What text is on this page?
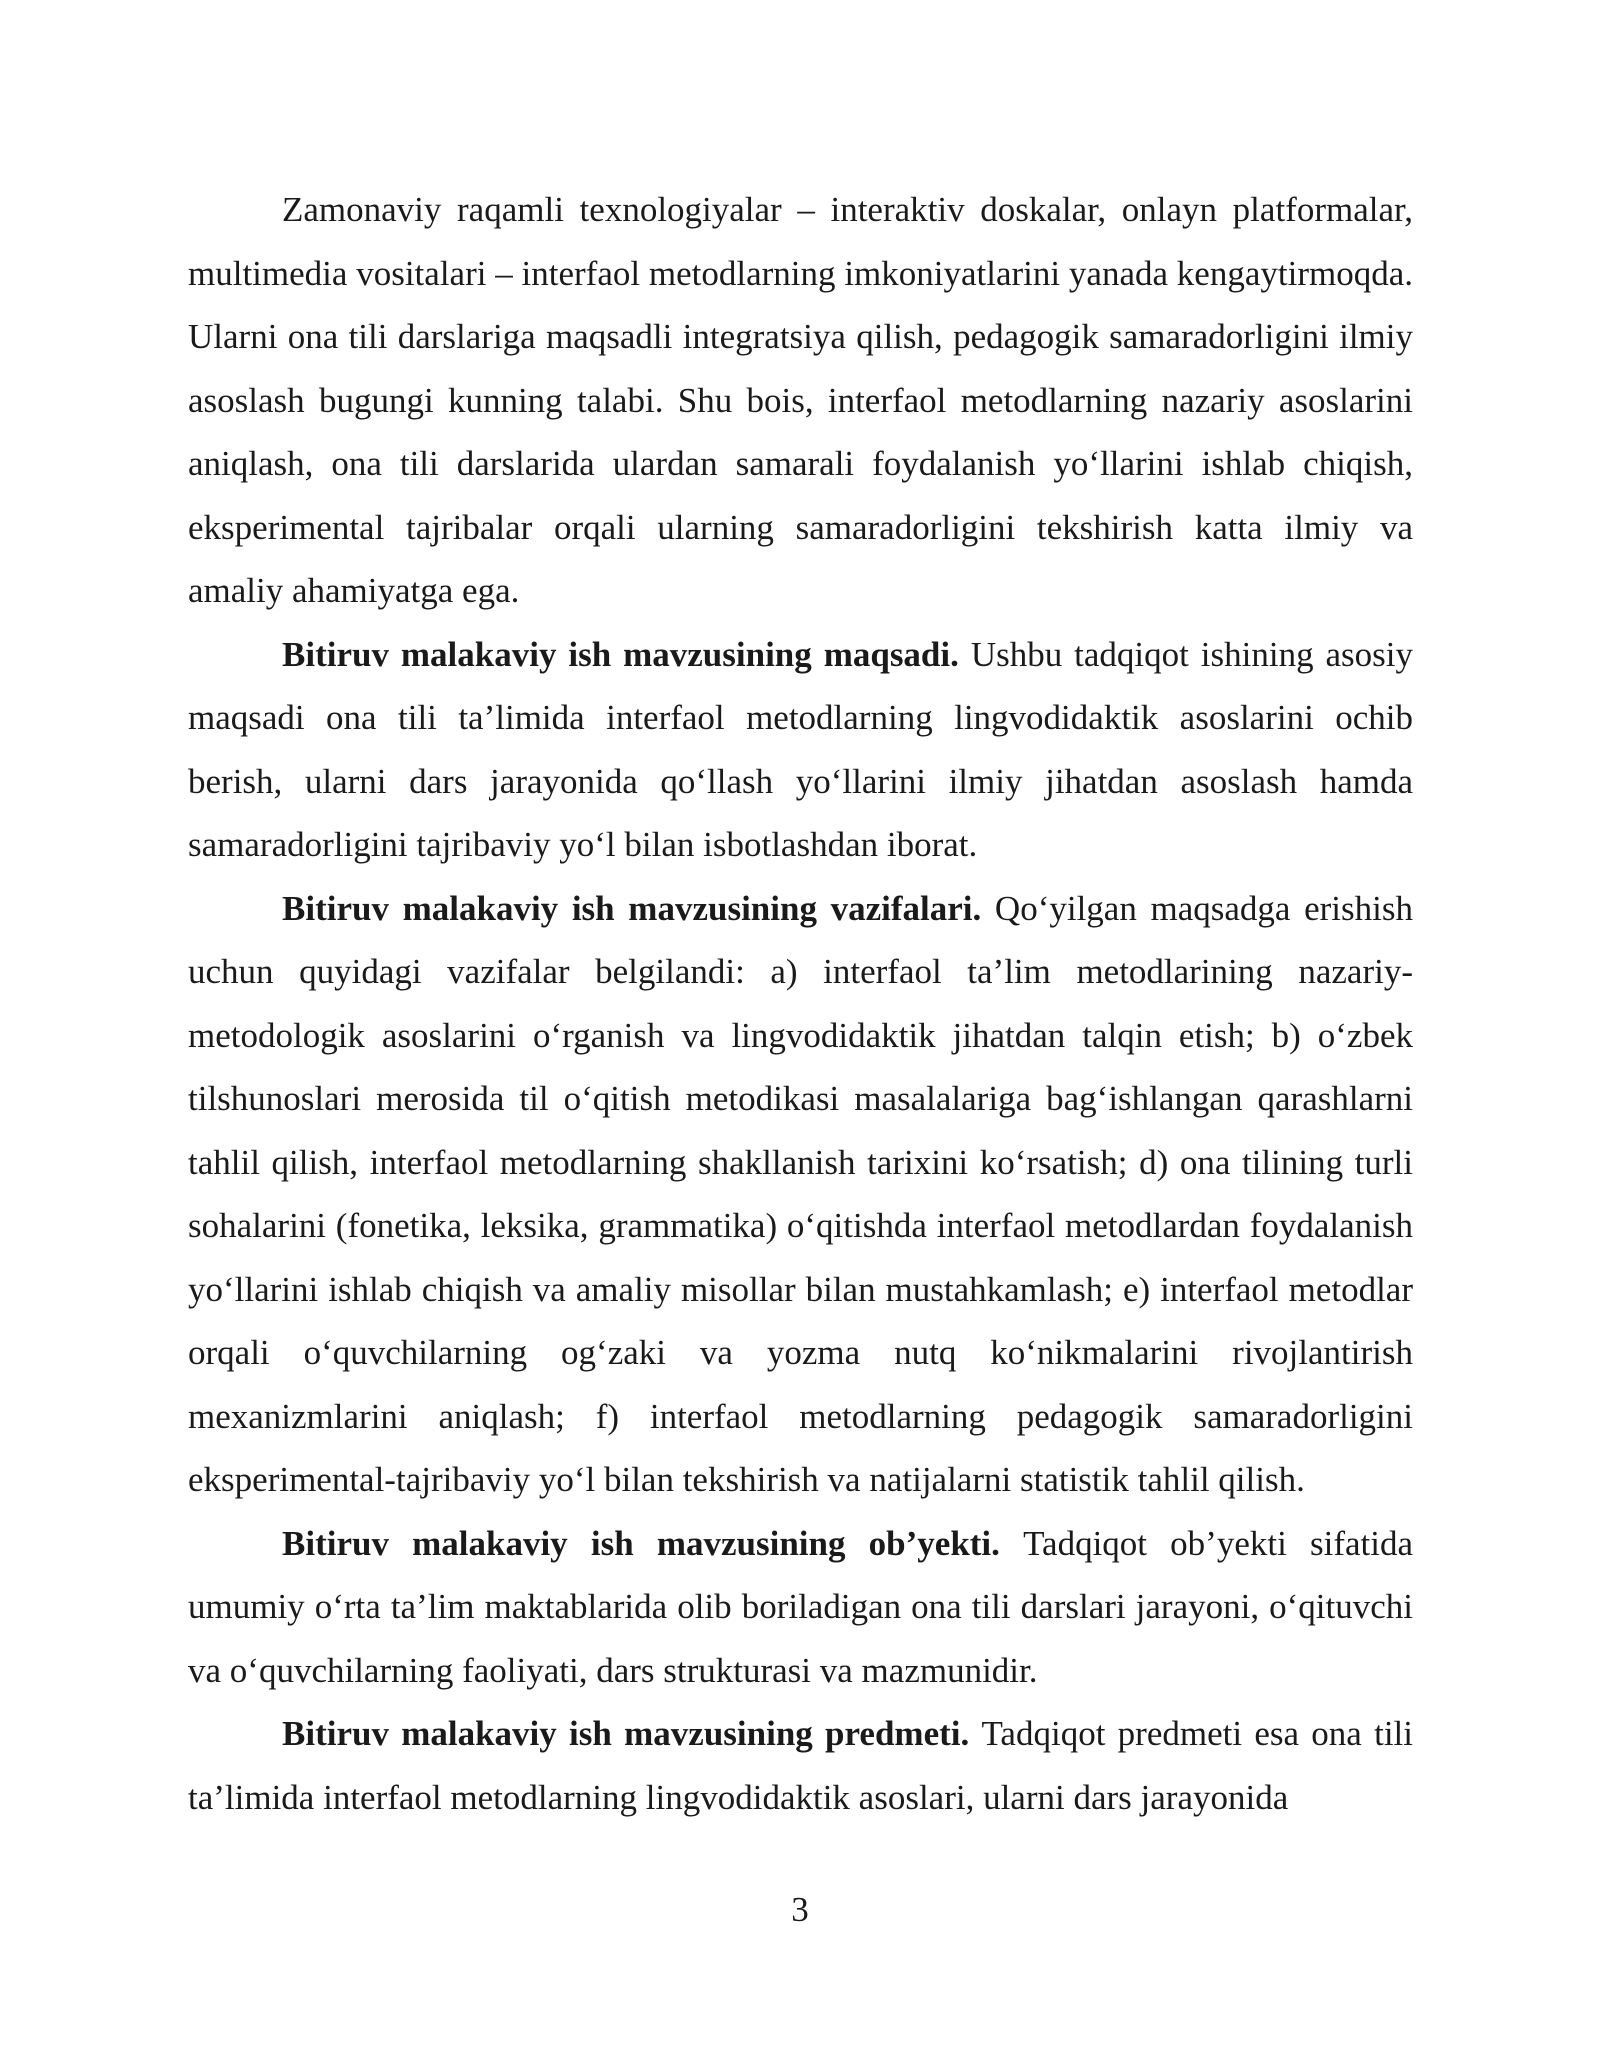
Zamonaviy raqamli texnologiyalar – interaktiv doskalar, onlayn platformalar, multimedia vositalari – interfaol metodlarning imkoniyatlarini yanada kengaytirmoqda. Ularni ona tili darslariga maqsadli integratsiya qilish, pedagogik samaradorligini ilmiy asoslash bugungi kunning talabi. Shu bois, interfaol metodlarning nazariy asoslarini aniqlash, ona tili darslarida ulardan samarali foydalanish yo‘llarini ishlab chiqish, eksperimental tajribalar orqali ularning samaradorligini tekshirish katta ilmiy va amaliy ahamiyatga ega.

Bitiruv malakaviy ish mavzusining maqsadi. Ushbu tadqiqot ishining asosiy maqsadi ona tili ta’limida interfaol metodlarning lingvodidaktik asoslarini ochib berish, ularni dars jarayonida qo‘llash yo‘llarini ilmiy jihatdan asoslash hamda samaradorligini tajribaviy yo‘l bilan isbotlashdan iborat.

Bitiruv malakaviy ish mavzusining vazifalari. Qo‘yilgan maqsadga erishish uchun quyidagi vazifalar belgilandi: a) interfaol ta’lim metodlarining nazariy-metodologik asoslarini o‘rganish va lingvodidaktik jihatdan talqin etish; b) o‘zbek tilshunoslari merosida til o‘qitish metodikasi masalalariga bag‘ishlangan qarashlarni tahlil qilish, interfaol metodlarning shakllanish tarixini ko‘rsatish; d) ona tilining turli sohalarini (fonetika, leksika, grammatika) o‘qitishda interfaol metodlardan foydalanish yo‘llarini ishlab chiqish va amaliy misollar bilan mustahkamlash; e) interfaol metodlar orqali o‘quvchilarning og‘zaki va yozma nutq ko‘nikmalarini rivojlantirish mexanizmlarini aniqlash; f) interfaol metodlarning pedagogik samaradorligini eksperimental-tajribaviy yo‘l bilan tekshirish va natijalarni statistik tahlil qilish.

Bitiruv malakaviy ish mavzusining ob’yekti. Tadqiqot ob’yekti sifatida umumiy o‘rta ta’lim maktablarida olib boriladigan ona tili darslari jarayoni, o‘qituvchi va o‘quvchilarning faoliyati, dars strukturasi va mazmunidir.

Bitiruv malakaviy ish mavzusining predmeti. Tadqiqot predmeti esa ona tili ta’limida interfaol metodlarning lingvodidaktik asoslari, ularni dars jarayonida

3
